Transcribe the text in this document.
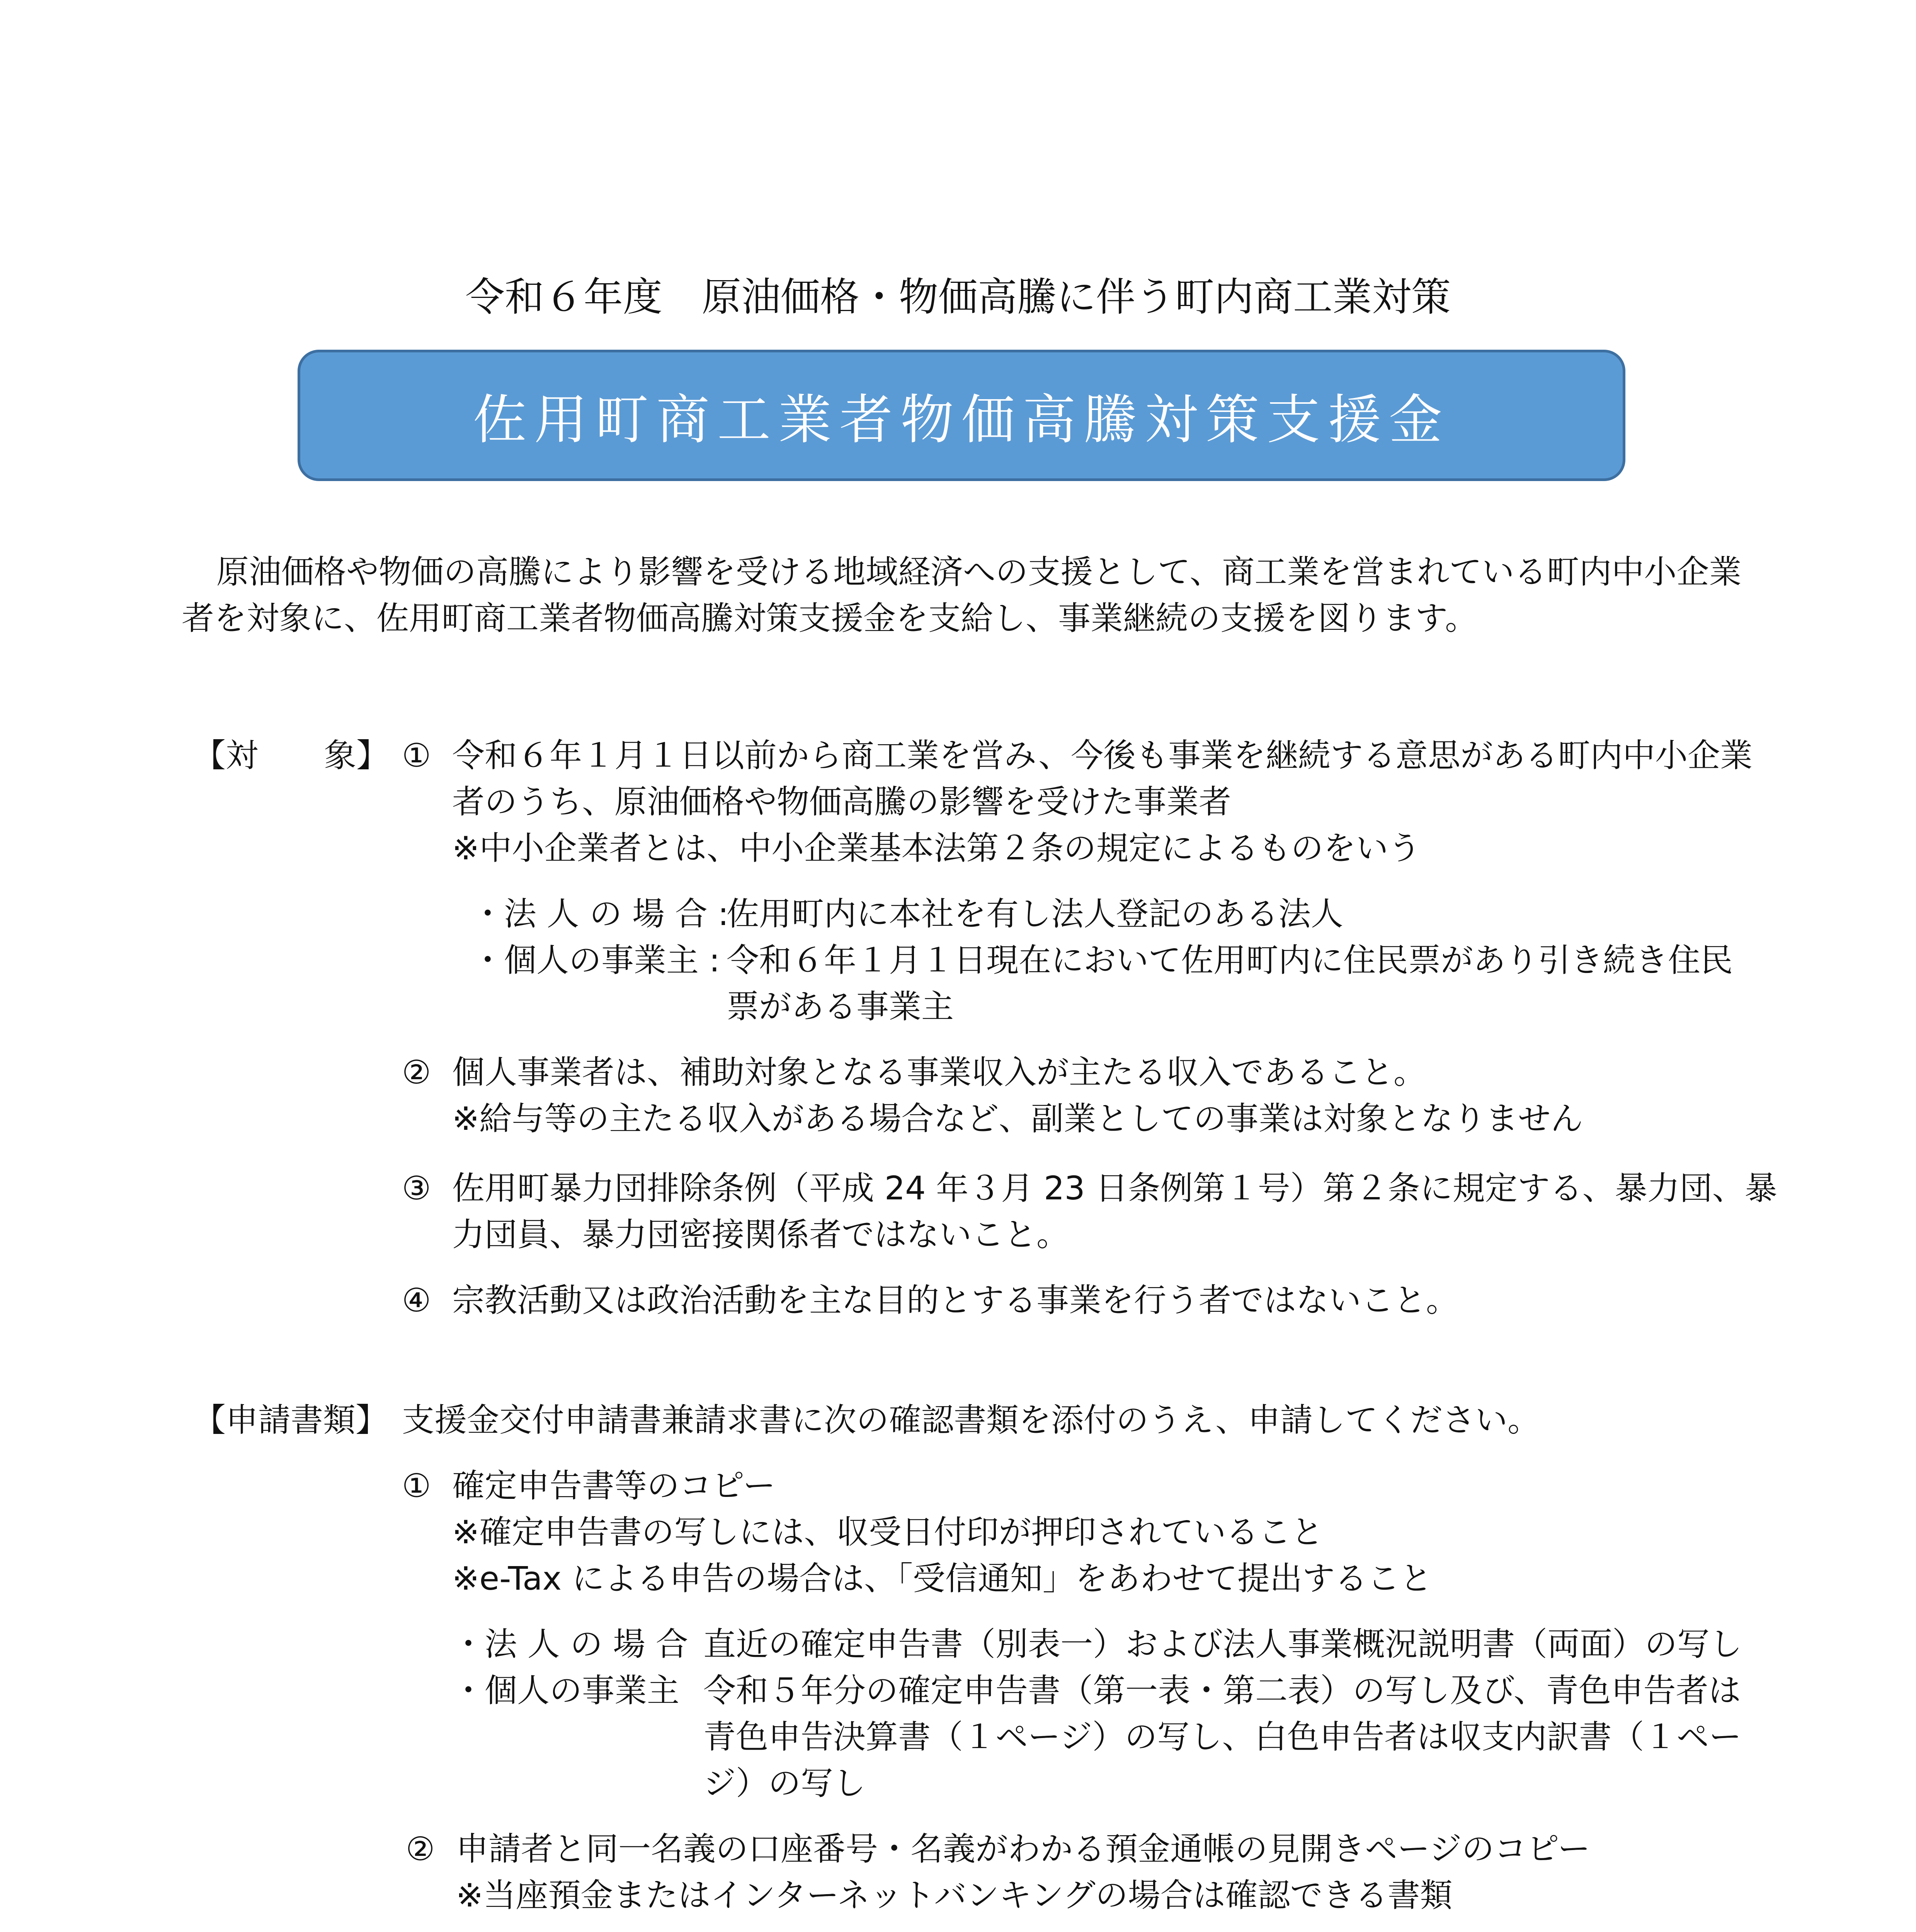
令和６年度　原油価格・物価高騰に伴う町内商工業対策
佐用町商工業者物価高騰対策支援金
原油価格や物価の高騰により影響を受ける地域経済への支援として、商工業を営まれている町内中小企業
者を対象に、佐用町商工業者物価高騰対策支援金を支給し、事業継続の支援を図ります。
【対 象】 ① 令和６年１月１日以前から商工業を営み、今後も事業を継続する意思がある町内中小企業
者のうち、原油価格や物価高騰の影響を受けた事業者
※中小企業者とは、中小企業基本法第２条の規定によるものをいう
・法 人 の 場 合 :
佐用町内に本社を有し法人登記のある法人
・個人の事業主 : 令和６年１月１日現在において佐用町内に住民票があり引き続き住民
票がある事業主
② 個人事業者は、補助対象となる事業収入が主たる収入であること。
※給与等の主たる収入がある場合など、副業としての事業は対象となりません
③ 佐用町暴力団排除条例（平成 24 年３月 23 日条例第１号）第２条に規定する、暴力団、暴
力団員、暴力団密接関係者ではないこと。
④ 宗教活動又は政治活動を主な目的とする事業を行う者ではないこと。
【申請書類】 支援金交付申請書兼請求書に次の確認書類を添付のうえ、申請してください。
① 確定申告書等のコピー
※確定申告書の写しには、収受日付印が押印されていること
※e-Tax による申告の場合は、「受信通知」をあわせて提出すること
・法 人 の 場 合 直近の確定申告書（別表一）および法人事業概況説明書（両面）の写し
・個人の事業主 令和５年分の確定申告書（第一表・第二表）の写し及び、青色申告者は
青色申告決算書（１ページ）の写し、白色申告者は収支内訳書（１ペー
ジ）の写し
② 申請者と同一名義の口座番号・名義がわかる預金通帳の見開きページのコピー
※当座預金またはインターネットバンキングの場合は確認できる書類
